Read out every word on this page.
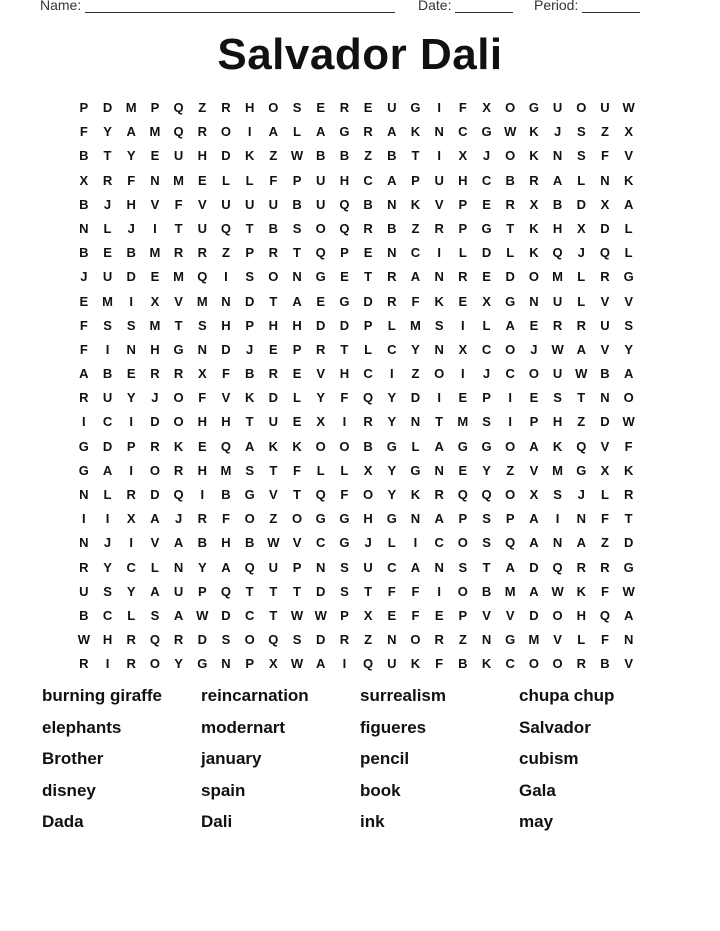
Name:	Date:	Period:
Salvador Dali
P	D	M	P	Q	Z	R	H	O	S	E	R	E	U	G	I	F	X	O	G	U	O	U W
F	Y	A	M	Q	R	O	I	A	L	A	G	R	A	K	N	C	G W K	J	S	Z	X
B	T	Y	E	U	H	D	K	Z	W B	B	Z	B	T	I	X	J	O	K	N	S	F	V
X	R	F	N	M	E	L	L	F	P	U	H	C	A	P	U	H	C	B	R	A	L	N	K
B	J	H	V	F	V	U	U	U	B	U	Q	B	N	K	V	P	E	R	X	B	D	X	A
N	L	J	I	T	U	Q	T	B	S	O	Q	R	B	Z	R	P	G	T	K	H	X	D	L
B	E	B	M	R	R	Z	P	R	T	Q	P	E	N	C	I	L	D	L	K	Q	J	Q	L
J	U	D	E	M	Q	I	S	O	N	G	E	T	R	A	N	R	E	D	O	M	L	R	G
E	M	I	X	V	M	N	D	T	A	E	G	D	R	F	K	E	X	G	N	U	L	V	V
F	S	S	M	T	S	H	P	H	H	D	D	P	L	M	S	I	L	A	E	R	R	U	S
F	I	N	H	G	N	D	J	E	P	R	T	L	C	Y	N	X	C	O	J	W A	V	Y
A	B	E	R	R	X	F	B	R	E	V	H	C	I	Z	O	I	J	C	O	U W B	A
R	U	Y	J	O	F	V	K	D	L	Y	F	Q	Y	D	I	E	P	I	E	S	T	N	O
I	C	I	D	O	H	H	T	U	E	X	I	R	Y	N	T	M	S	I	P	H	Z	D W
G	D	P	R	K	E	Q	A	K	K	O	O	B	G	L	A	G	G	O	A	K	Q	V	F
G	A	I	O	R	H	M	S	T	F	L	L	X	Y	G	N	E	Y	Z	V	M	G	X	K
N	L	R	D	Q	I	B	G	V	T	Q	F	O	Y	K	R	Q	Q	O	X	S	J	L	R
I	I	X	A	J	R	F	O	Z	O	G	G	H	G	N	A	P	S	P	A	I	N	F	T
N	J	I	V	A	B	H	B W	V	C	G	J	L	I	C	O	S	Q	A	N	A	Z	D
R	Y	C	L	N	Y	A	Q	U	P	N	S	U	C	A	N	S	T	A	D	Q	R	R	G
U	S	Y	A	U	P	Q	T	T	T	D	S	T	F	F	I	O	B	M	A W K	F	W
B	C	L	S	A W D	C	T	W W	P	X	E	F	E	P	V	V	D	O	H	Q	A
W H	R	Q	R	D	S	O	Q	S	D	R	Z	N	O	R	Z	N	G	M	V	L	F	N
R	I	R	O	Y	G	N	P	X	W A	I	Q	U	K	F	B	K	C	O	O	R	B	V
burning giraffe	reincarnation	surrealism	chupa chup
elephants	modernart	figueres	Salvador
Brother	january	pencil	cubism
disney	spain	book	Gala
Dada	Dali	ink	may
